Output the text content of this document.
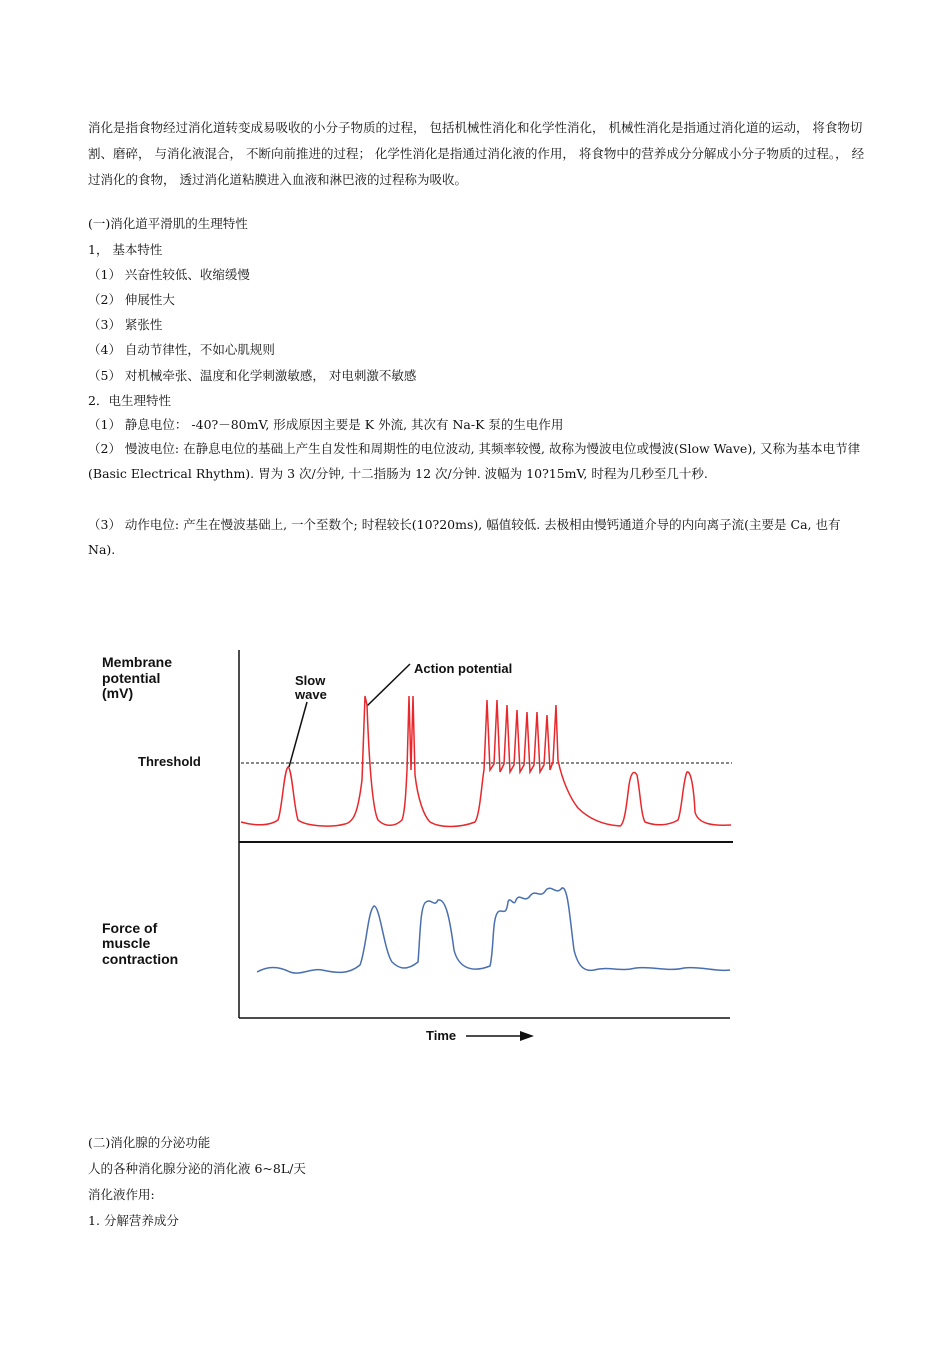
消化是指食物经过消化道转变成易吸收的小分子物质的过程， 包括机械性消化和化学性消化， 机械性消化是指通过消化道的运动， 将食物切割、磨碎， 与消化液混合， 不断向前推进的过程； 化学性消化是指通过消化液的作用， 将食物中的营养成分分解成小分子物质的过程。， 经过消化的食物， 透过消化道粘膜进入血液和淋巴液的过程称为吸收。

(一)消化道平滑肌的生理特性

1， 基本特性

（1） 兴奋性较低、收缩缓慢

（2） 伸展性大

（3） 紧张性

（4） 自动节律性，不如心肌规则

（5） 对机械牵张、温度和化学刺激敏感， 对电刺激不敏感

2．电生理特性

（1） 静息电位： -40?－80mV, 形成原因主要是 K 外流, 其次有 Na-K 泵的生电作用

（2） 慢波电位: 在静息电位的基础上产生自发性和周期性的电位波动, 其频率较慢, 故称为慢波电位或慢波(Slow Wave), 又称为基本电节律(Basic Electrical Rhythm). 胃为 3 次/分钟, 十二指肠为 12 次/分钟. 波幅为 10?15mV, 时程为几秒至几十秒.

（3） 动作电位: 产生在慢波基础上, 一个至数个; 时程较长(10?20ms), 幅值较低. 去极相由慢钙通道介导的内向离子流(主要是 Ca, 也有 Na).

Membrane
potential
(mV)
Threshold
Slow
wave
Action potential
Force of
muscle
contraction
Time

(二)消化腺的分泌功能

人的各种消化腺分泌的消化液 6~8L/天

消化液作用:

1. 分解营养成分
